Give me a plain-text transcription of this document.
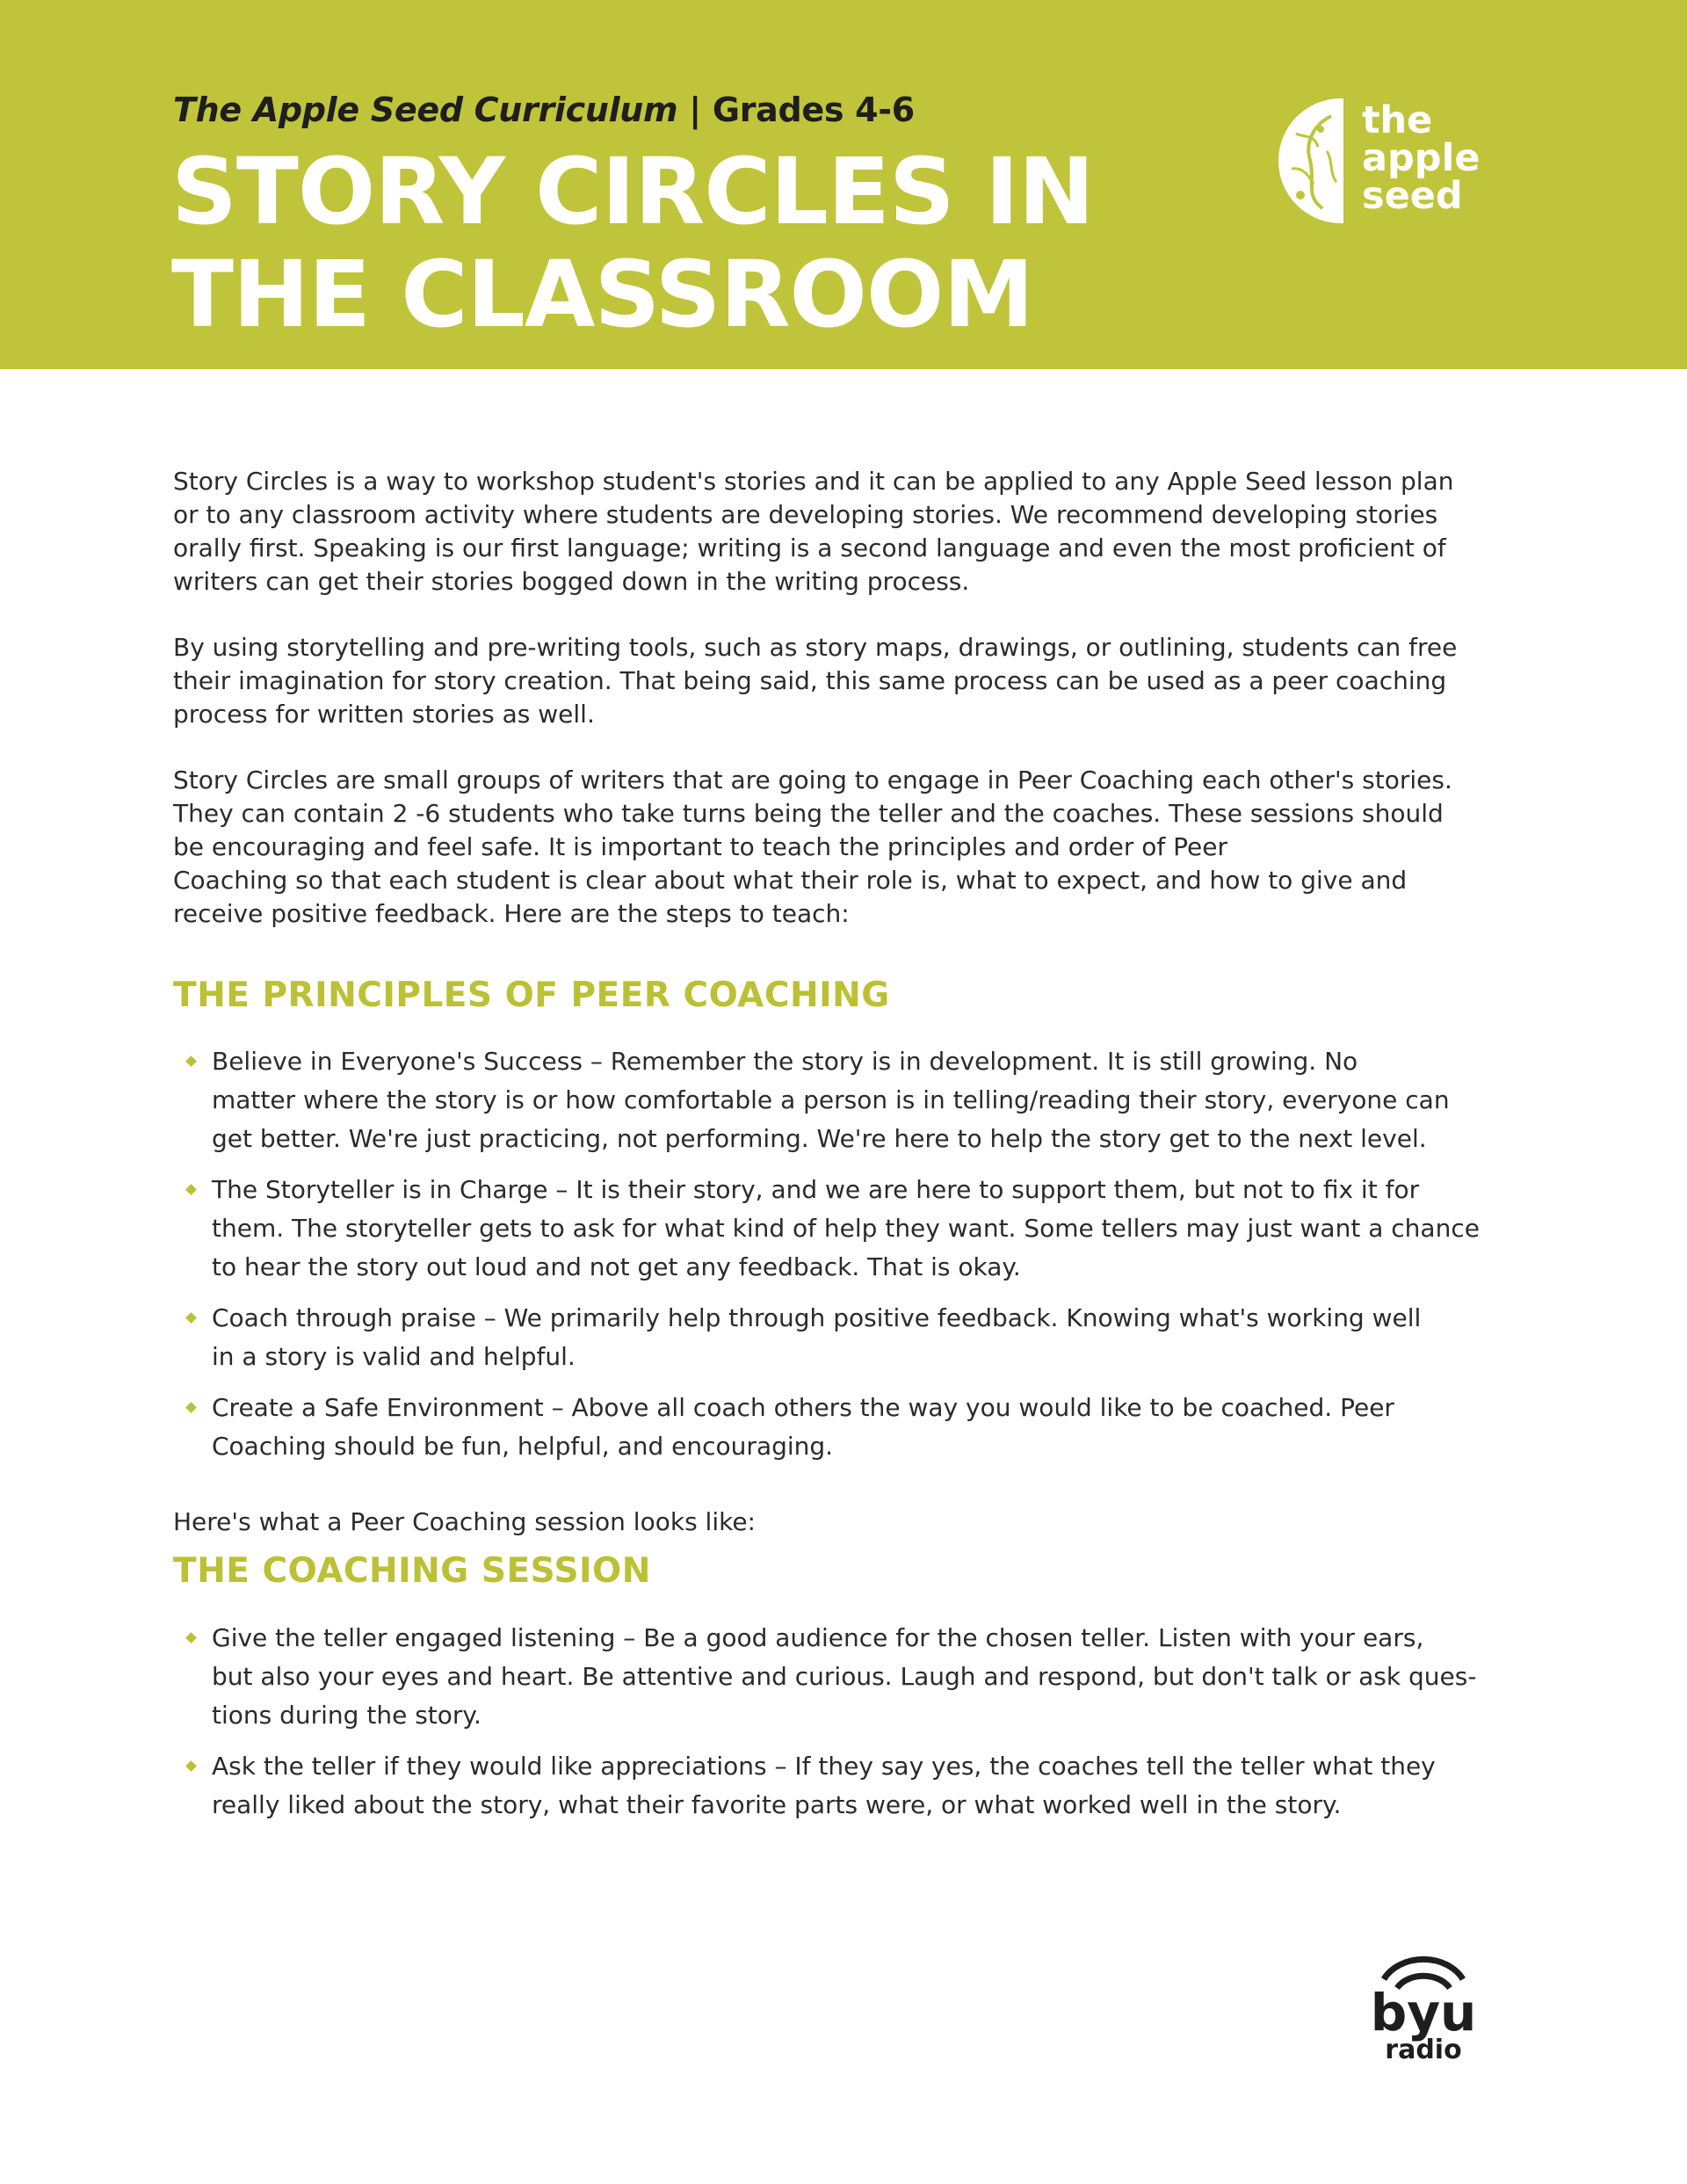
The Apple Seed Curriculum | Grades 4-6
STORY CIRCLES IN
THE CLASSROOM
the
apple
seed
Story Circles is a way to workshop student's stories and it can be applied to any Apple Seed lesson plan
or to any classroom activity where students are developing stories. We recommend developing stories
orally first. Speaking is our first language; writing is a second language and even the most proficient of
writers can get their stories bogged down in the writing process.
By using storytelling and pre-writing tools, such as story maps, drawings, or outlining, students can free
their imagination for story creation. That being said, this same process can be used as a peer coaching
process for written stories as well.
Story Circles are small groups of writers that are going to engage in Peer Coaching each other's stories.
They can contain 2 -6 students who take turns being the teller and the coaches. These sessions should
be encouraging and feel safe. It is important to teach the principles and order of Peer
Coaching so that each student is clear about what their role is, what to expect, and how to give and
receive positive feedback. Here are the steps to teach:
THE PRINCIPLES OF PEER COACHING
Believe in Everyone's Success – Remember the story is in development. It is still growing. No
matter where the story is or how comfortable a person is in telling/reading their story, everyone can
get better. We're just practicing, not performing. We're here to help the story get to the next level.
The Storyteller is in Charge – It is their story, and we are here to support them, but not to fix it for
them. The storyteller gets to ask for what kind of help they want. Some tellers may just want a chance
to hear the story out loud and not get any feedback. That is okay.
Coach through praise – We primarily help through positive feedback. Knowing what's working well
in a story is valid and helpful.
Create a Safe Environment – Above all coach others the way you would like to be coached. Peer
Coaching should be fun, helpful, and encouraging.
Here's what a Peer Coaching session looks like:
THE COACHING SESSION
Give the teller engaged listening – Be a good audience for the chosen teller. Listen with your ears,
but also your eyes and heart. Be attentive and curious. Laugh and respond, but don't talk or ask ques-
tions during the story.
Ask the teller if they would like appreciations – If they say yes, the coaches tell the teller what they
really liked about the story, what their favorite parts were, or what worked well in the story.
byu
radio
